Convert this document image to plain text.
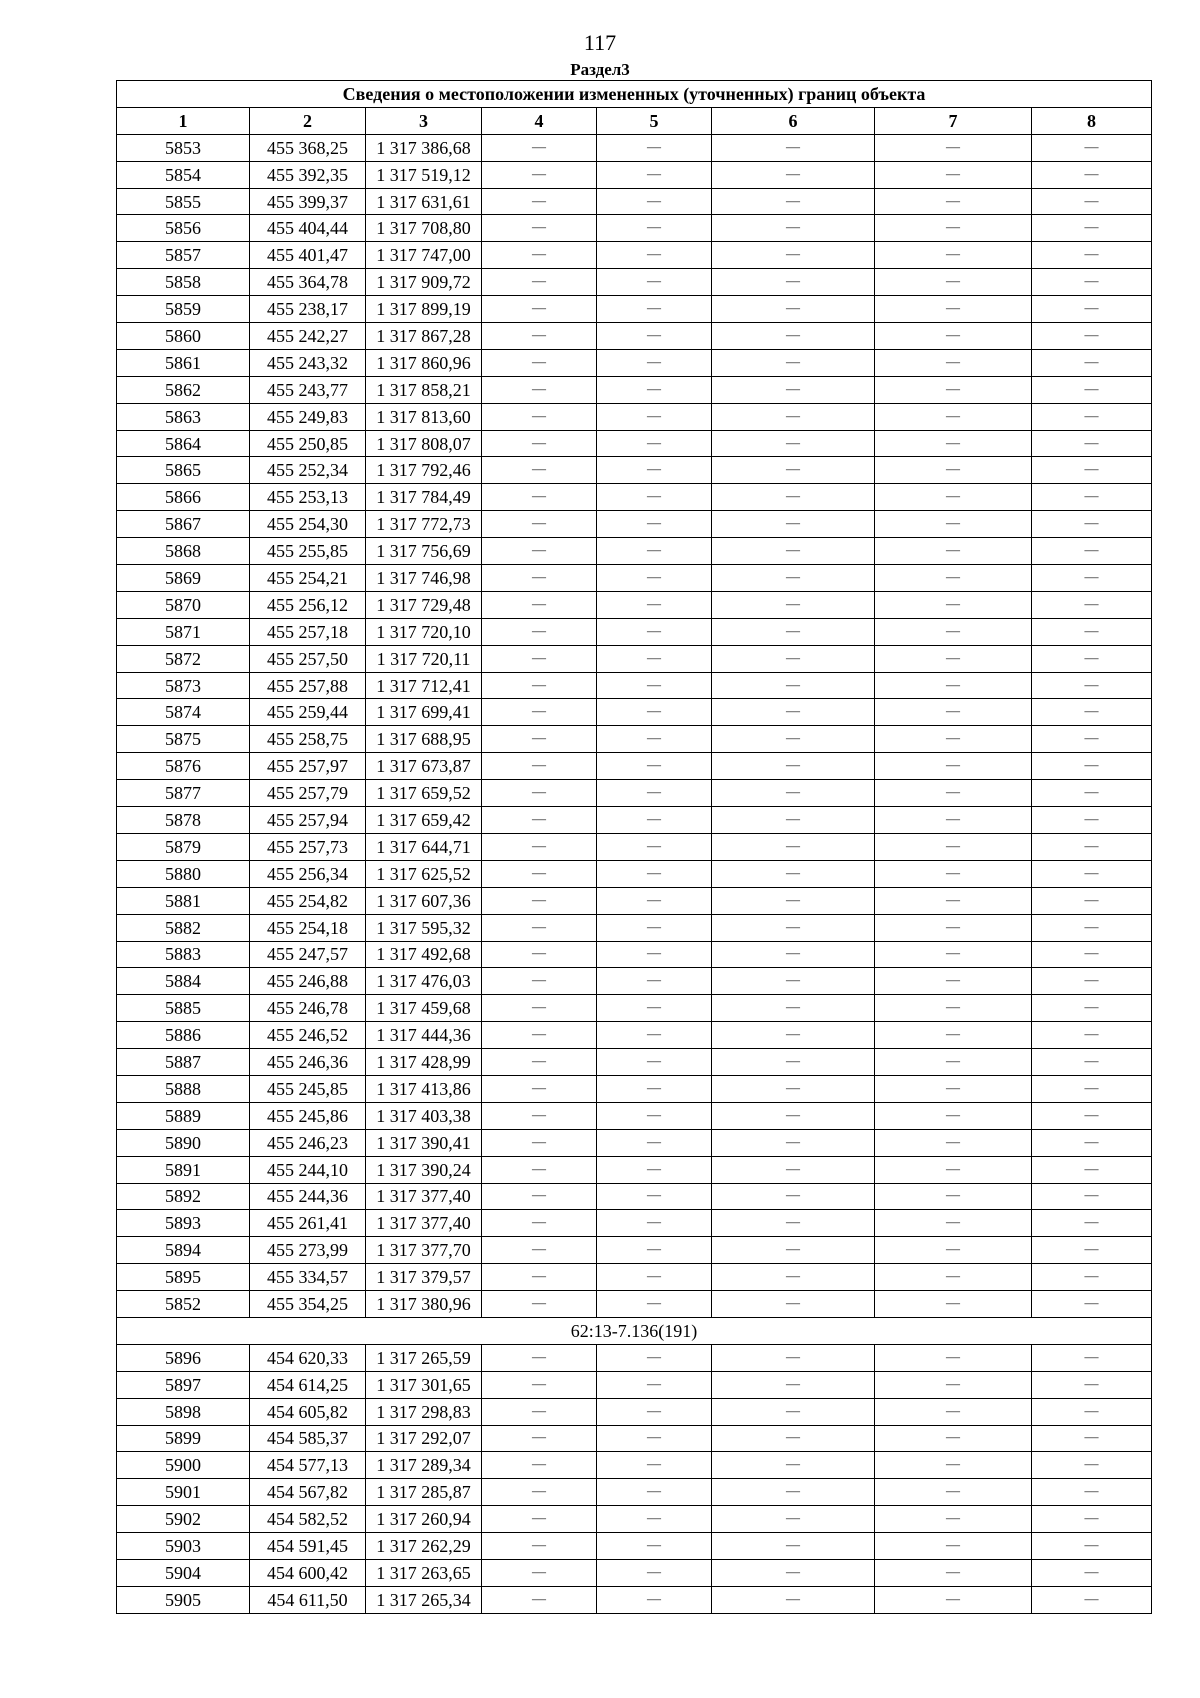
117
Раздел3
Сведения о местоположении измененных (уточненных) границ объекта							
1	2	3	4	5	6	7	8
5853	455 368,25	1 317 386,68	—	—	—	—	—
5854	455 392,35	1 317 519,12	—	—	—	—	—
5855	455 399,37	1 317 631,61	—	—	—	—	—
5856	455 404,44	1 317 708,80	—	—	—	—	—
5857	455 401,47	1 317 747,00	—	—	—	—	—
5858	455 364,78	1 317 909,72	—	—	—	—	—
5859	455 238,17	1 317 899,19	—	—	—	—	—
5860	455 242,27	1 317 867,28	—	—	—	—	—
5861	455 243,32	1 317 860,96	—	—	—	—	—
5862	455 243,77	1 317 858,21	—	—	—	—	—
5863	455 249,83	1 317 813,60	—	—	—	—	—
5864	455 250,85	1 317 808,07	—	—	—	—	—
5865	455 252,34	1 317 792,46	—	—	—	—	—
5866	455 253,13	1 317 784,49	—	—	—	—	—
5867	455 254,30	1 317 772,73	—	—	—	—	—
5868	455 255,85	1 317 756,69	—	—	—	—	—
5869	455 254,21	1 317 746,98	—	—	—	—	—
5870	455 256,12	1 317 729,48	—	—	—	—	—
5871	455 257,18	1 317 720,10	—	—	—	—	—
5872	455 257,50	1 317 720,11	—	—	—	—	—
5873	455 257,88	1 317 712,41	—	—	—	—	—
5874	455 259,44	1 317 699,41	—	—	—	—	—
5875	455 258,75	1 317 688,95	—	—	—	—	—
5876	455 257,97	1 317 673,87	—	—	—	—	—
5877	455 257,79	1 317 659,52	—	—	—	—	—
5878	455 257,94	1 317 659,42	—	—	—	—	—
5879	455 257,73	1 317 644,71	—	—	—	—	—
5880	455 256,34	1 317 625,52	—	—	—	—	—
5881	455 254,82	1 317 607,36	—	—	—	—	—
5882	455 254,18	1 317 595,32	—	—	—	—	—
5883	455 247,57	1 317 492,68	—	—	—	—	—
5884	455 246,88	1 317 476,03	—	—	—	—	—
5885	455 246,78	1 317 459,68	—	—	—	—	—
5886	455 246,52	1 317 444,36	—	—	—	—	—
5887	455 246,36	1 317 428,99	—	—	—	—	—
5888	455 245,85	1 317 413,86	—	—	—	—	—
5889	455 245,86	1 317 403,38	—	—	—	—	—
5890	455 246,23	1 317 390,41	—	—	—	—	—
5891	455 244,10	1 317 390,24	—	—	—	—	—
5892	455 244,36	1 317 377,40	—	—	—	—	—
5893	455 261,41	1 317 377,40	—	—	—	—	—
5894	455 273,99	1 317 377,70	—	—	—	—	—
5895	455 334,57	1 317 379,57	—	—	—	—	—
5852	455 354,25	1 317 380,96	—	—	—	—	—
62:13-7.136(191)							
5896	454 620,33	1 317 265,59	—	—	—	—	—
5897	454 614,25	1 317 301,65	—	—	—	—	—
5898	454 605,82	1 317 298,83	—	—	—	—	—
5899	454 585,37	1 317 292,07	—	—	—	—	—
5900	454 577,13	1 317 289,34	—	—	—	—	—
5901	454 567,82	1 317 285,87	—	—	—	—	—
5902	454 582,52	1 317 260,94	—	—	—	—	—
5903	454 591,45	1 317 262,29	—	—	—	—	—
5904	454 600,42	1 317 263,65	—	—	—	—	—
5905	454 611,50	1 317 265,34	—	—	—	—	—
